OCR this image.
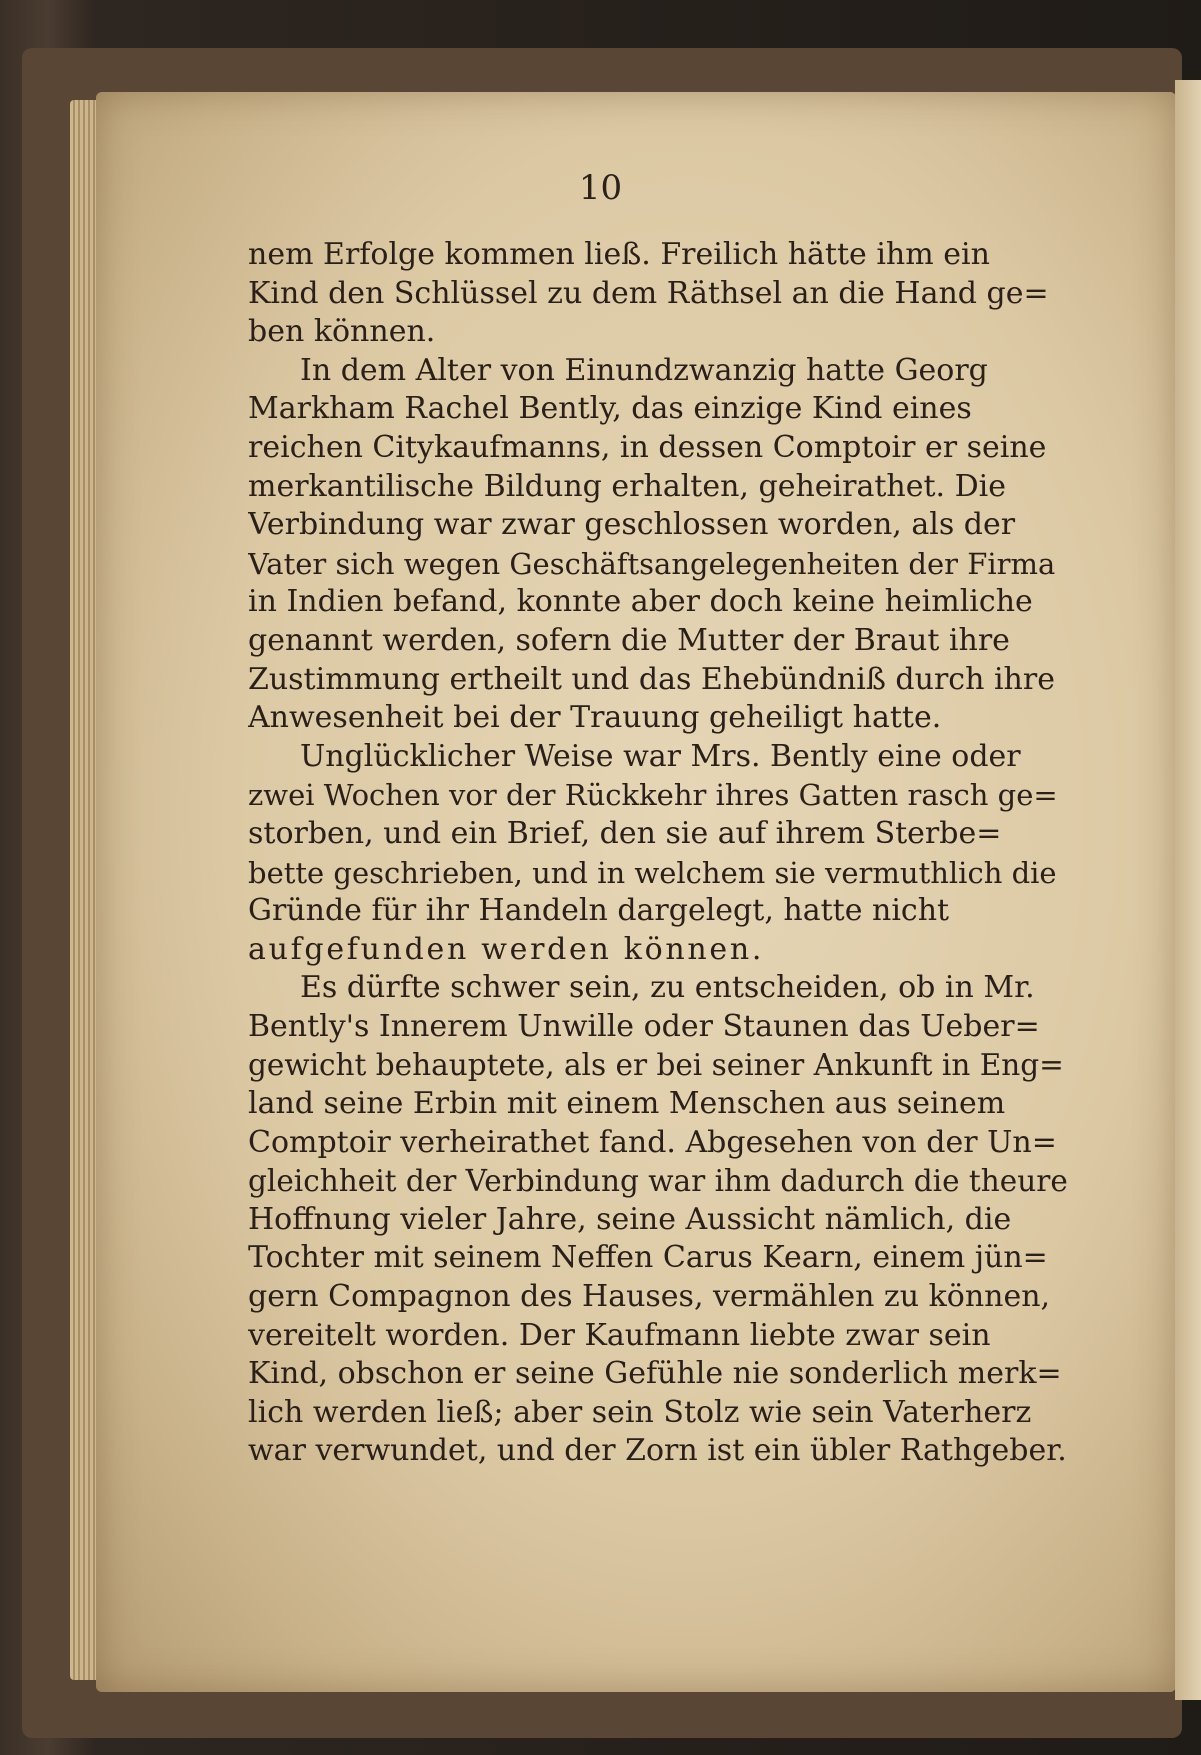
10
nem Erfolge kommen ließ. Freilich hätte ihm ein
Kind den Schlüssel zu dem Räthsel an die Hand ge=
ben können.
In dem Alter von Einundzwanzig hatte Georg
Markham Rachel Bently, das einzige Kind eines
reichen Citykaufmanns, in dessen Comptoir er seine
merkantilische Bildung erhalten, geheirathet. Die
Verbindung war zwar geschlossen worden, als der
Vater sich wegen Geschäftsangelegenheiten der Firma
in Indien befand, konnte aber doch keine heimliche
genannt werden, sofern die Mutter der Braut ihre
Zustimmung ertheilt und das Ehebündniß durch ihre
Anwesenheit bei der Trauung geheiligt hatte.
Unglücklicher Weise war Mrs. Bently eine oder
zwei Wochen vor der Rückkehr ihres Gatten rasch ge=
storben, und ein Brief, den sie auf ihrem Sterbe=
bette geschrieben, und in welchem sie vermuthlich die
Gründe für ihr Handeln dargelegt, hatte nicht
aufgefunden werden können.
Es dürfte schwer sein, zu entscheiden, ob in Mr.
Bently's Innerem Unwille oder Staunen das Ueber=
gewicht behauptete, als er bei seiner Ankunft in Eng=
land seine Erbin mit einem Menschen aus seinem
Comptoir verheirathet fand. Abgesehen von der Un=
gleichheit der Verbindung war ihm dadurch die theure
Hoffnung vieler Jahre, seine Aussicht nämlich, die
Tochter mit seinem Neffen Carus Kearn, einem jün=
gern Compagnon des Hauses, vermählen zu können,
vereitelt worden. Der Kaufmann liebte zwar sein
Kind, obschon er seine Gefühle nie sonderlich merk=
lich werden ließ; aber sein Stolz wie sein Vaterherz
war verwundet, und der Zorn ist ein übler Rathgeber.
